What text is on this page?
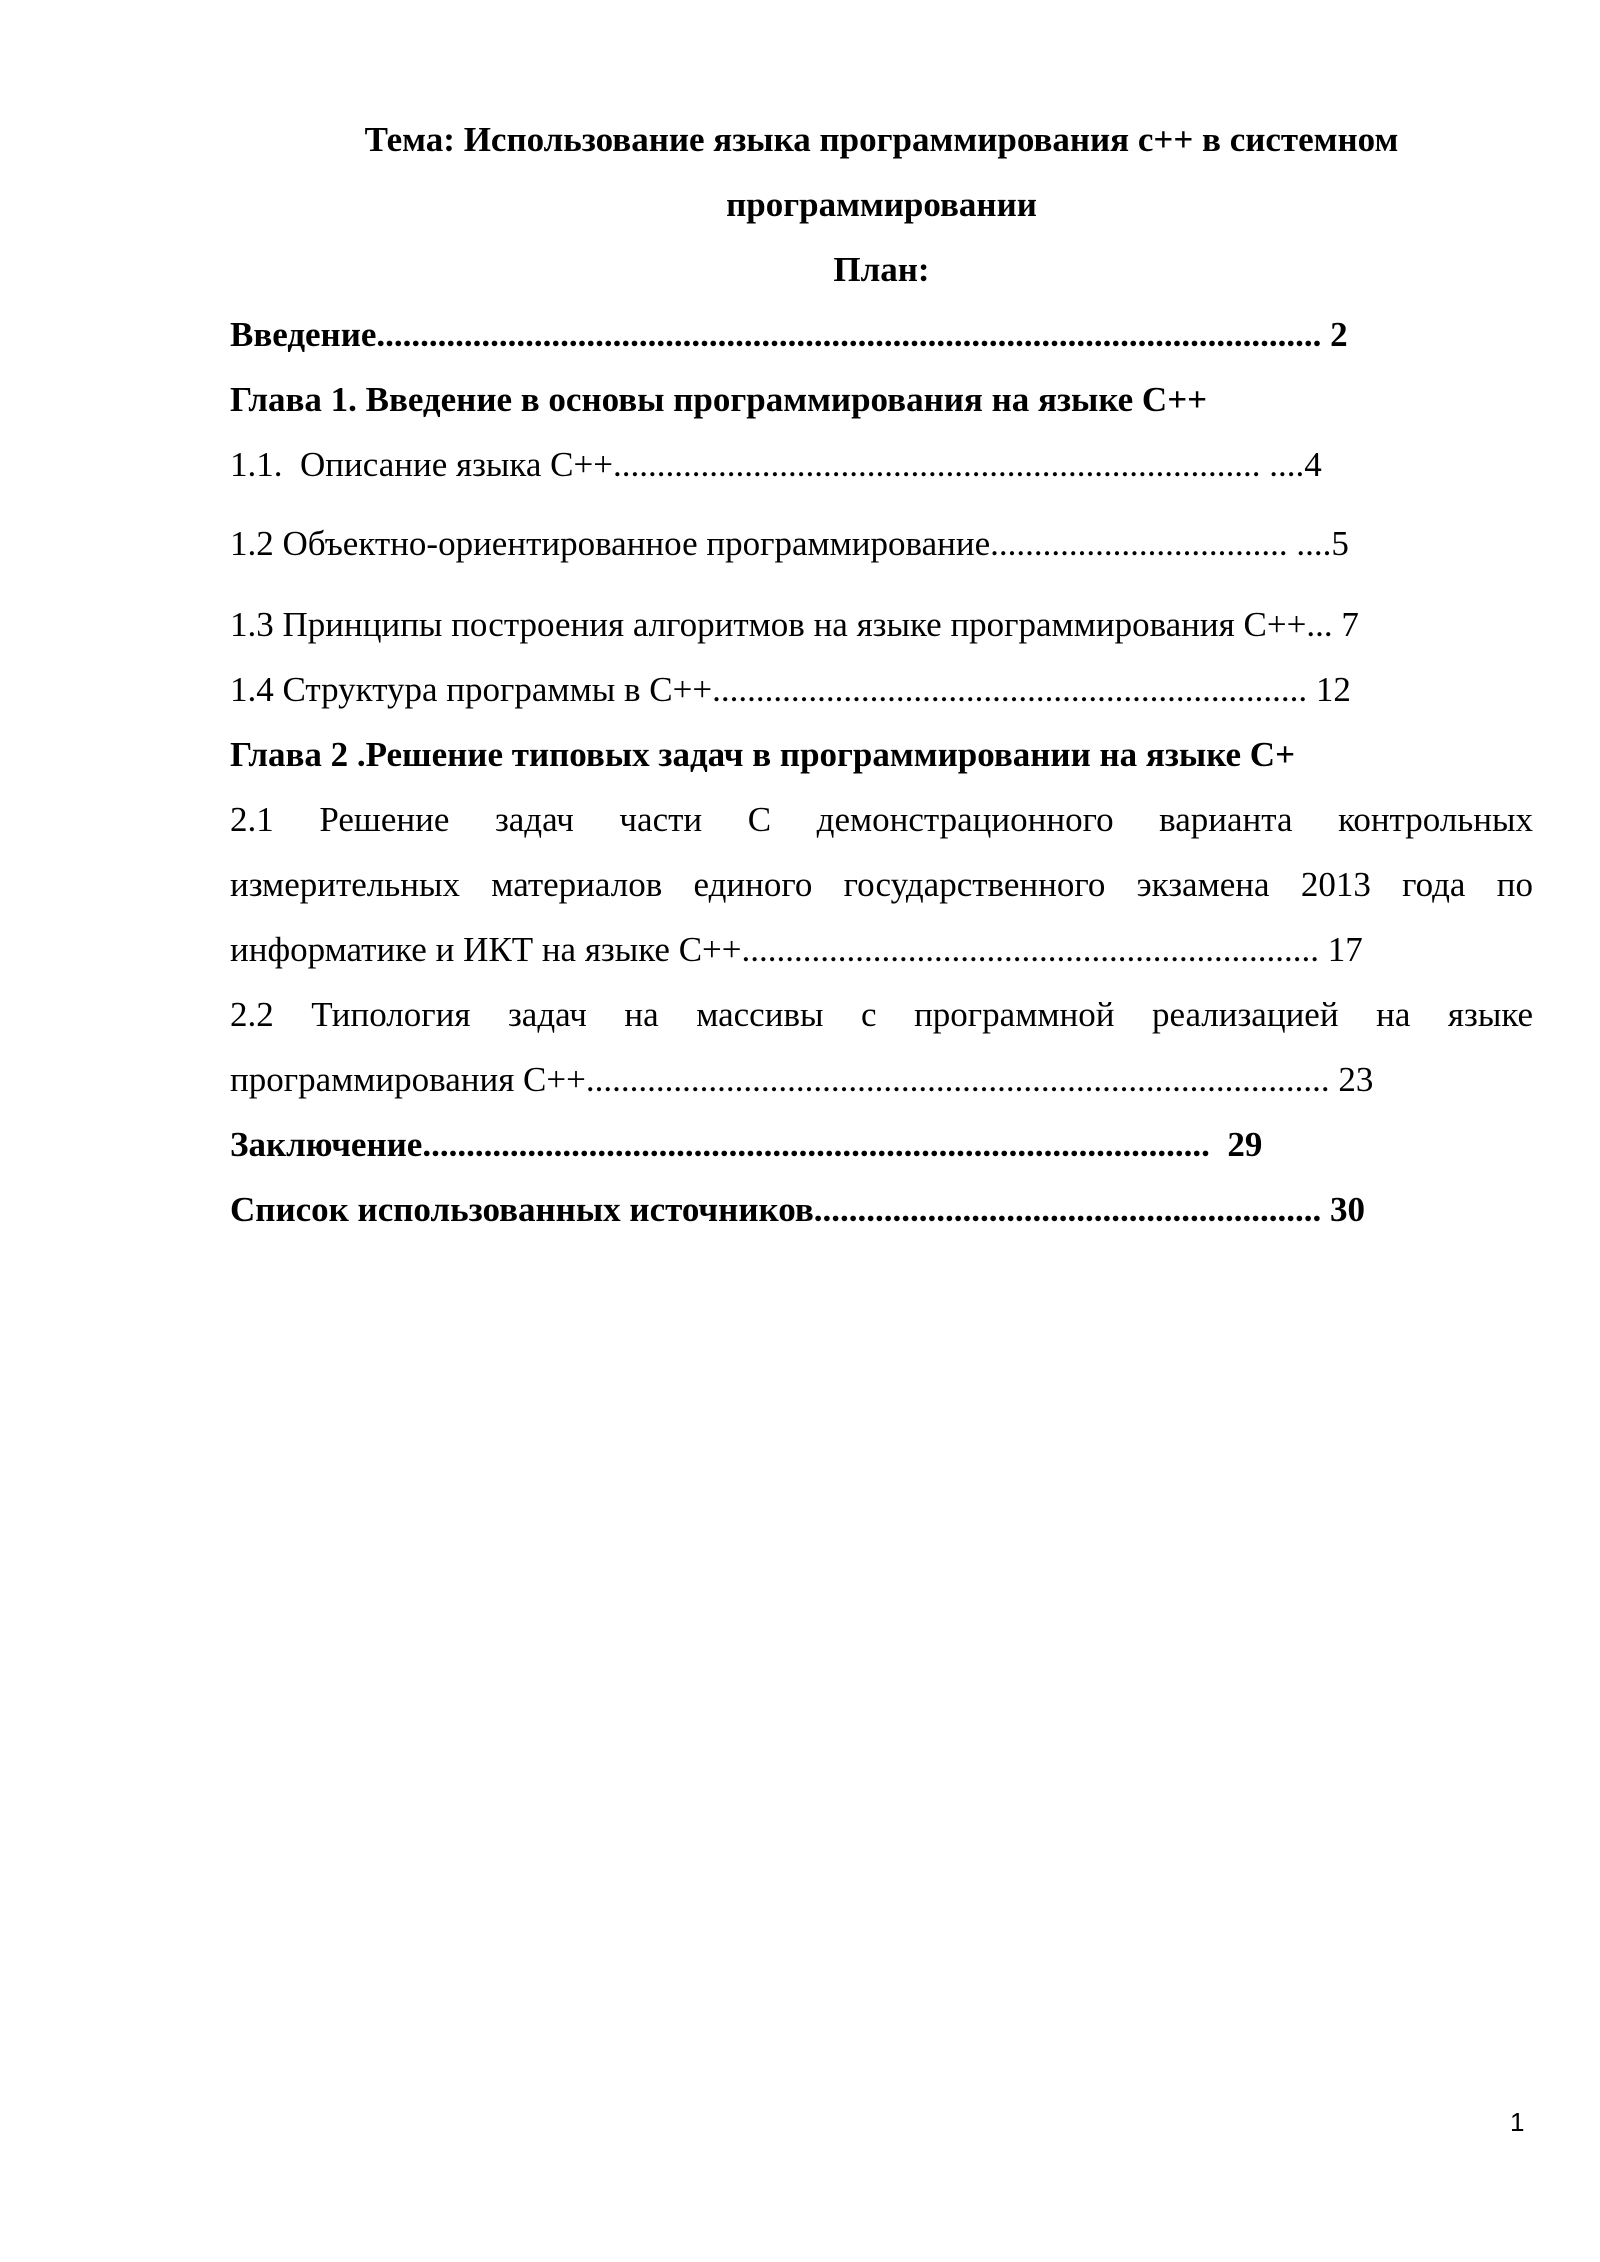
Тема: Использование языка программирования с++ в системном

программировании

План:

Введение............................................................................................................ 2

Глава 1. Введение в основы программирования на языке С++

1.1.  Описание языка С++.......................................................................... ....4

1.2 Объектно-ориентированное программирование.................................. ....5

1.3 Принципы построения алгоритмов на языке программирования С++... 7

1.4 Структура программы в С++.................................................................... 12

Глава 2 .Решение типовых задач в программировании на языке С+

2.1 Решение задач части С демонстрационного варианта контрольных

измерительных материалов единого государственного экзамена 2013 года по

информатике и ИКТ на языке С++.................................................................. 17

2.2 Типология задач на массивы с программной реализацией на языке

программирования С++..................................................................................... 23

Заключение..........................................................................................  29

Список использованных источников.......................................................... 30

1
